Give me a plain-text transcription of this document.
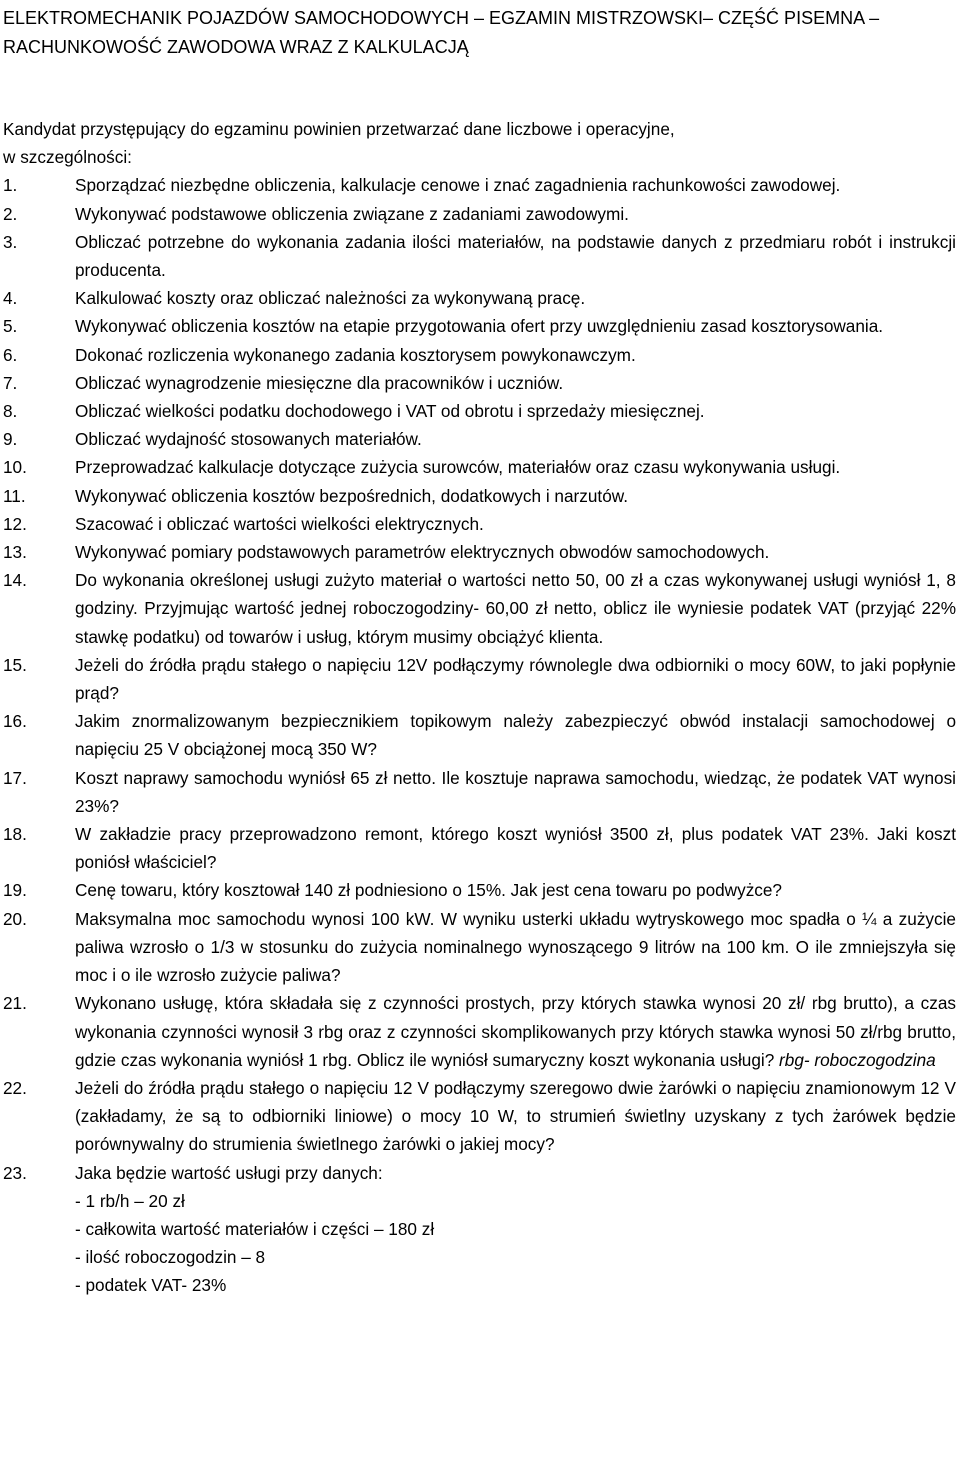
ELEKTROMECHANIK POJAZDÓW SAMOCHODOWYCH – EGZAMIN MISTRZOWSKI– CZĘŚĆ PISEMNA –
RACHUNKOWOŚĆ ZAWODOWA WRAZ Z KALKULACJĄ
Kandydat przystępujący do egzaminu powinien przetwarzać dane liczbowe i operacyjne,
w szczególności:
1.	Sporządzać niezbędne obliczenia, kalkulacje cenowe i znać zagadnienia rachunkowości zawodowej.
2.	Wykonywać podstawowe obliczenia związane z zadaniami zawodowymi.
3.	Obliczać potrzebne do wykonania zadania ilości materiałów, na podstawie danych z przedmiaru robót i instrukcji producenta.
4.	Kalkulować koszty oraz obliczać należności za wykonywaną pracę.
5.	Wykonywać obliczenia kosztów na etapie przygotowania ofert przy uwzględnieniu zasad kosztorysowania.
6.	Dokonać rozliczenia wykonanego zadania kosztorysem powykonawczym.
7.	Obliczać wynagrodzenie miesięczne dla pracowników i uczniów.
8.	Obliczać wielkości podatku dochodowego i VAT od obrotu i sprzedaży miesięcznej.
9.	Obliczać wydajność stosowanych materiałów.
10.	Przeprowadzać kalkulacje dotyczące zużycia surowców, materiałów oraz czasu wykonywania usługi.
11.	Wykonywać obliczenia kosztów bezpośrednich, dodatkowych i narzutów.
12.	Szacować i obliczać wartości wielkości elektrycznych.
13.	Wykonywać pomiary podstawowych parametrów elektrycznych obwodów samochodowych.
14.	Do wykonania określonej usługi zużyto materiał o wartości netto 50, 00 zł a czas wykonywanej usługi wyniósł 1, 8 godziny. Przyjmując wartość jednej roboczogodziny- 60,00 zł netto, oblicz ile wyniesie podatek VAT (przyjąć 22% stawkę podatku) od towarów i usług, którym musimy obciążyć klienta.
15.	Jeżeli do źródła prądu stałego o napięciu 12V podłączymy równolegle dwa odbiorniki o mocy 60W, to jaki popłynie prąd?
16.	Jakim znormalizowanym bezpiecznikiem topikowym należy zabezpieczyć obwód instalacji samochodowej o napięciu 25 V obciążonej mocą 350 W?
17.	Koszt naprawy samochodu wyniósł 65 zł netto. Ile kosztuje naprawa samochodu, wiedząc, że podatek VAT wynosi 23%?
18.	W zakładzie pracy przeprowadzono remont, którego koszt wyniósł 3500 zł, plus podatek VAT 23%. Jaki koszt poniósł właściciel?
19.	Cenę towaru, który kosztował 140 zł podniesiono o 15%. Jak jest cena towaru po podwyżce?
20.	Maksymalna moc samochodu wynosi 100 kW. W wyniku usterki układu wytryskowego moc spadła o ¼ a zużycie paliwa wzrosło o 1/3 w stosunku do zużycia nominalnego wynoszącego 9 litrów na 100 km. O ile zmniejszyła się moc i o ile wzrosło zużycie paliwa?
21.	Wykonano usługę, która składała się z czynności prostych, przy których stawka wynosi 20 zł/ rbg brutto), a czas wykonania czynności wynosił 3 rbg oraz z czynności skomplikowanych przy których stawka wynosi 50 zł/rbg brutto, gdzie czas wykonania wyniósł 1 rbg. Oblicz ile wyniósł sumaryczny koszt wykonania usługi? rbg- roboczogodzina
22.	Jeżeli do źródła prądu stałego o napięciu 12 V podłączymy szeregowo dwie żarówki o napięciu znamionowym 12 V (zakładamy, że są to odbiorniki liniowe) o mocy 10 W, to strumień świetlny uzyskany z tych żarówek będzie porównywalny do strumienia świetlnego żarówki o jakiej mocy?
23.	Jaka będzie wartość usługi przy danych:
- 1 rb/h – 20 zł
- całkowita wartość materiałów i części – 180 zł
- ilość roboczogodzin – 8
- podatek VAT- 23%
